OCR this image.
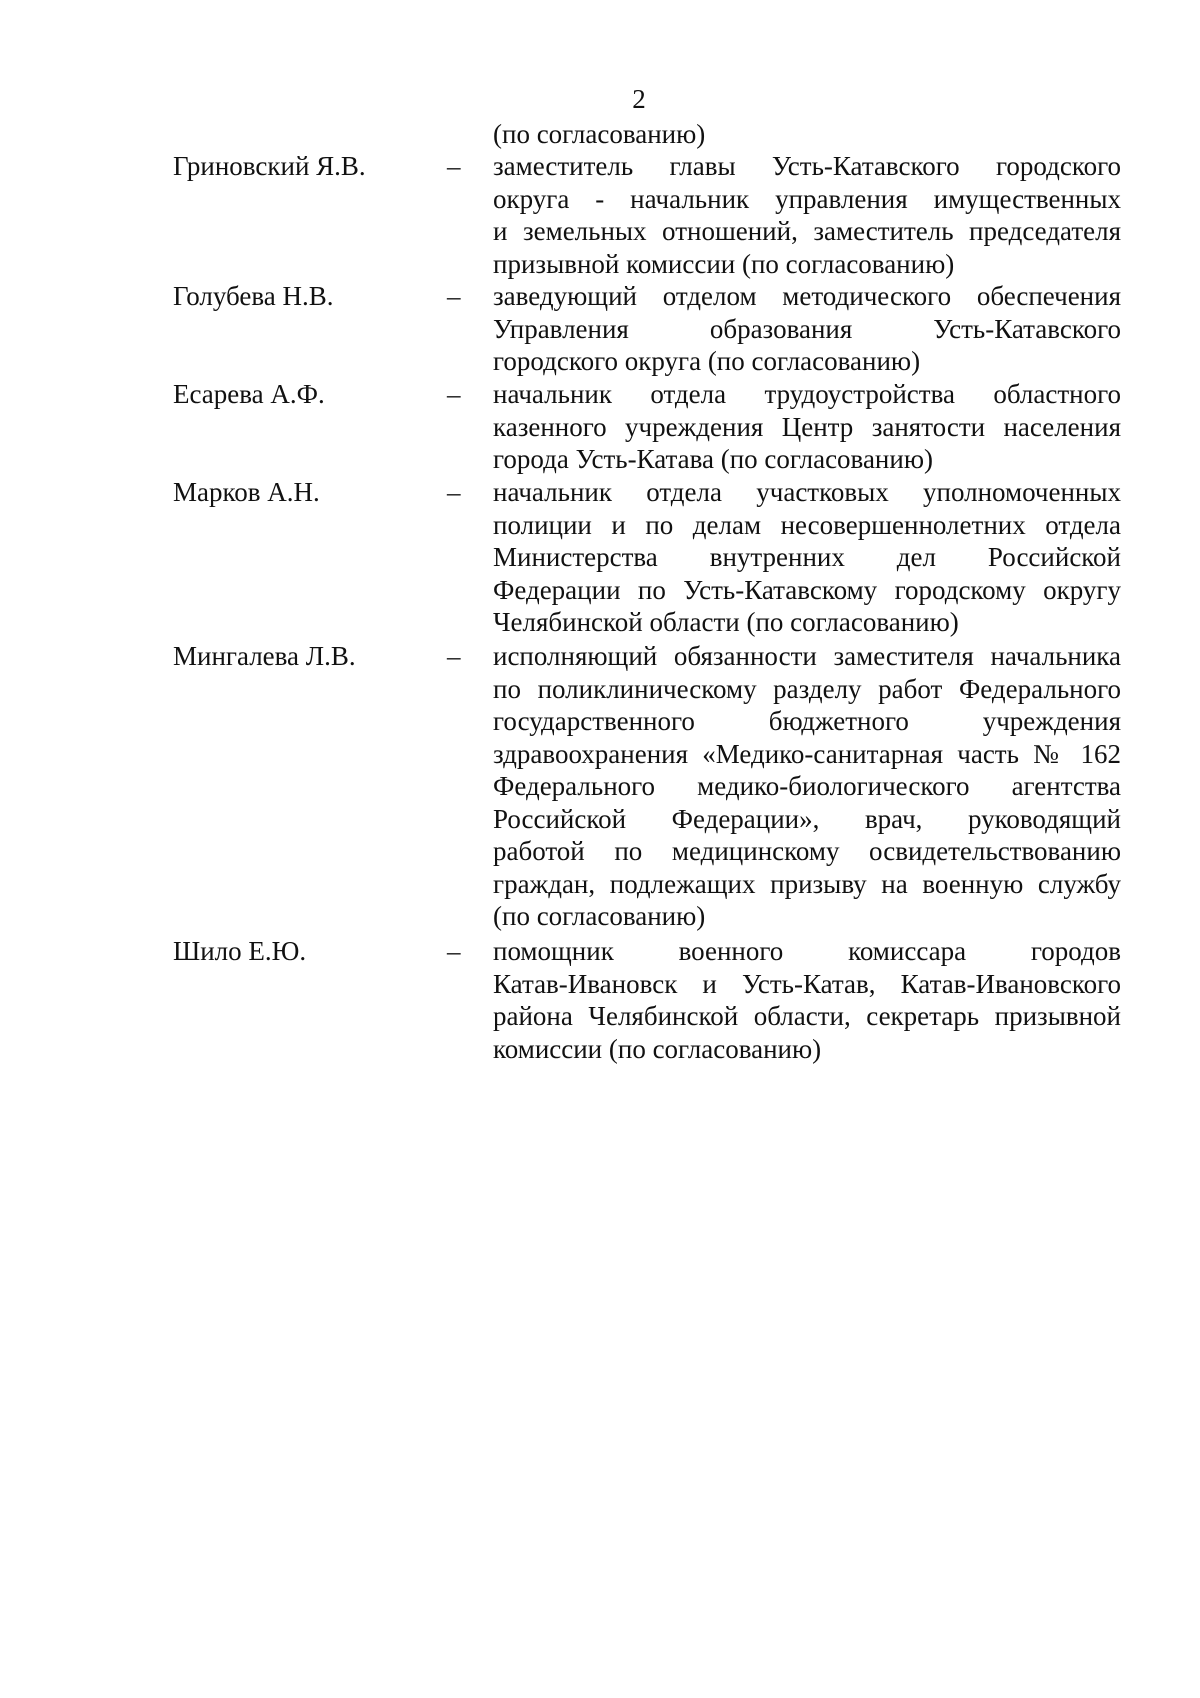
2
(по согласованию)
Гриновский Я.В.	– заместитель главы Усть-Катавского городского
округа - начальник управления имущественных
и земельных отношений, заместитель председателя
призывной комиссии (по согласованию)
Голубева Н.В.	– заведующий отделом методического обеспечения
Управления образования Усть-Катавского
городского округа (по согласованию)
Есарева А.Ф.	– начальник отдела трудоустройства областного
казенного учреждения Центр занятости населения
города Усть-Катава (по согласованию)
Марков А.Н.	– начальник отдела участковых уполномоченных
полиции и по делам несовершеннолетних отдела
Министерства внутренних дел Российской
Федерации по Усть-Катавскому городскому округу
Челябинской области (по согласованию)
Мингалева Л.В.	– исполняющий обязанности заместителя начальника
по поликлиническому разделу работ Федерального
государственного бюджетного учреждения
здравоохранения «Медико-санитарная часть № 162
Федерального медико-биологического агентства
Российской Федерации», врач, руководящий
работой по медицинскому освидетельствованию
граждан, подлежащих призыву на военную службу
(по согласованию)
Шило Е.Ю.	– помощник военного комиссара городов
Катав-Ивановск и Усть-Катав, Катав-Ивановского
района Челябинской области, секретарь призывной
комиссии (по согласованию)
